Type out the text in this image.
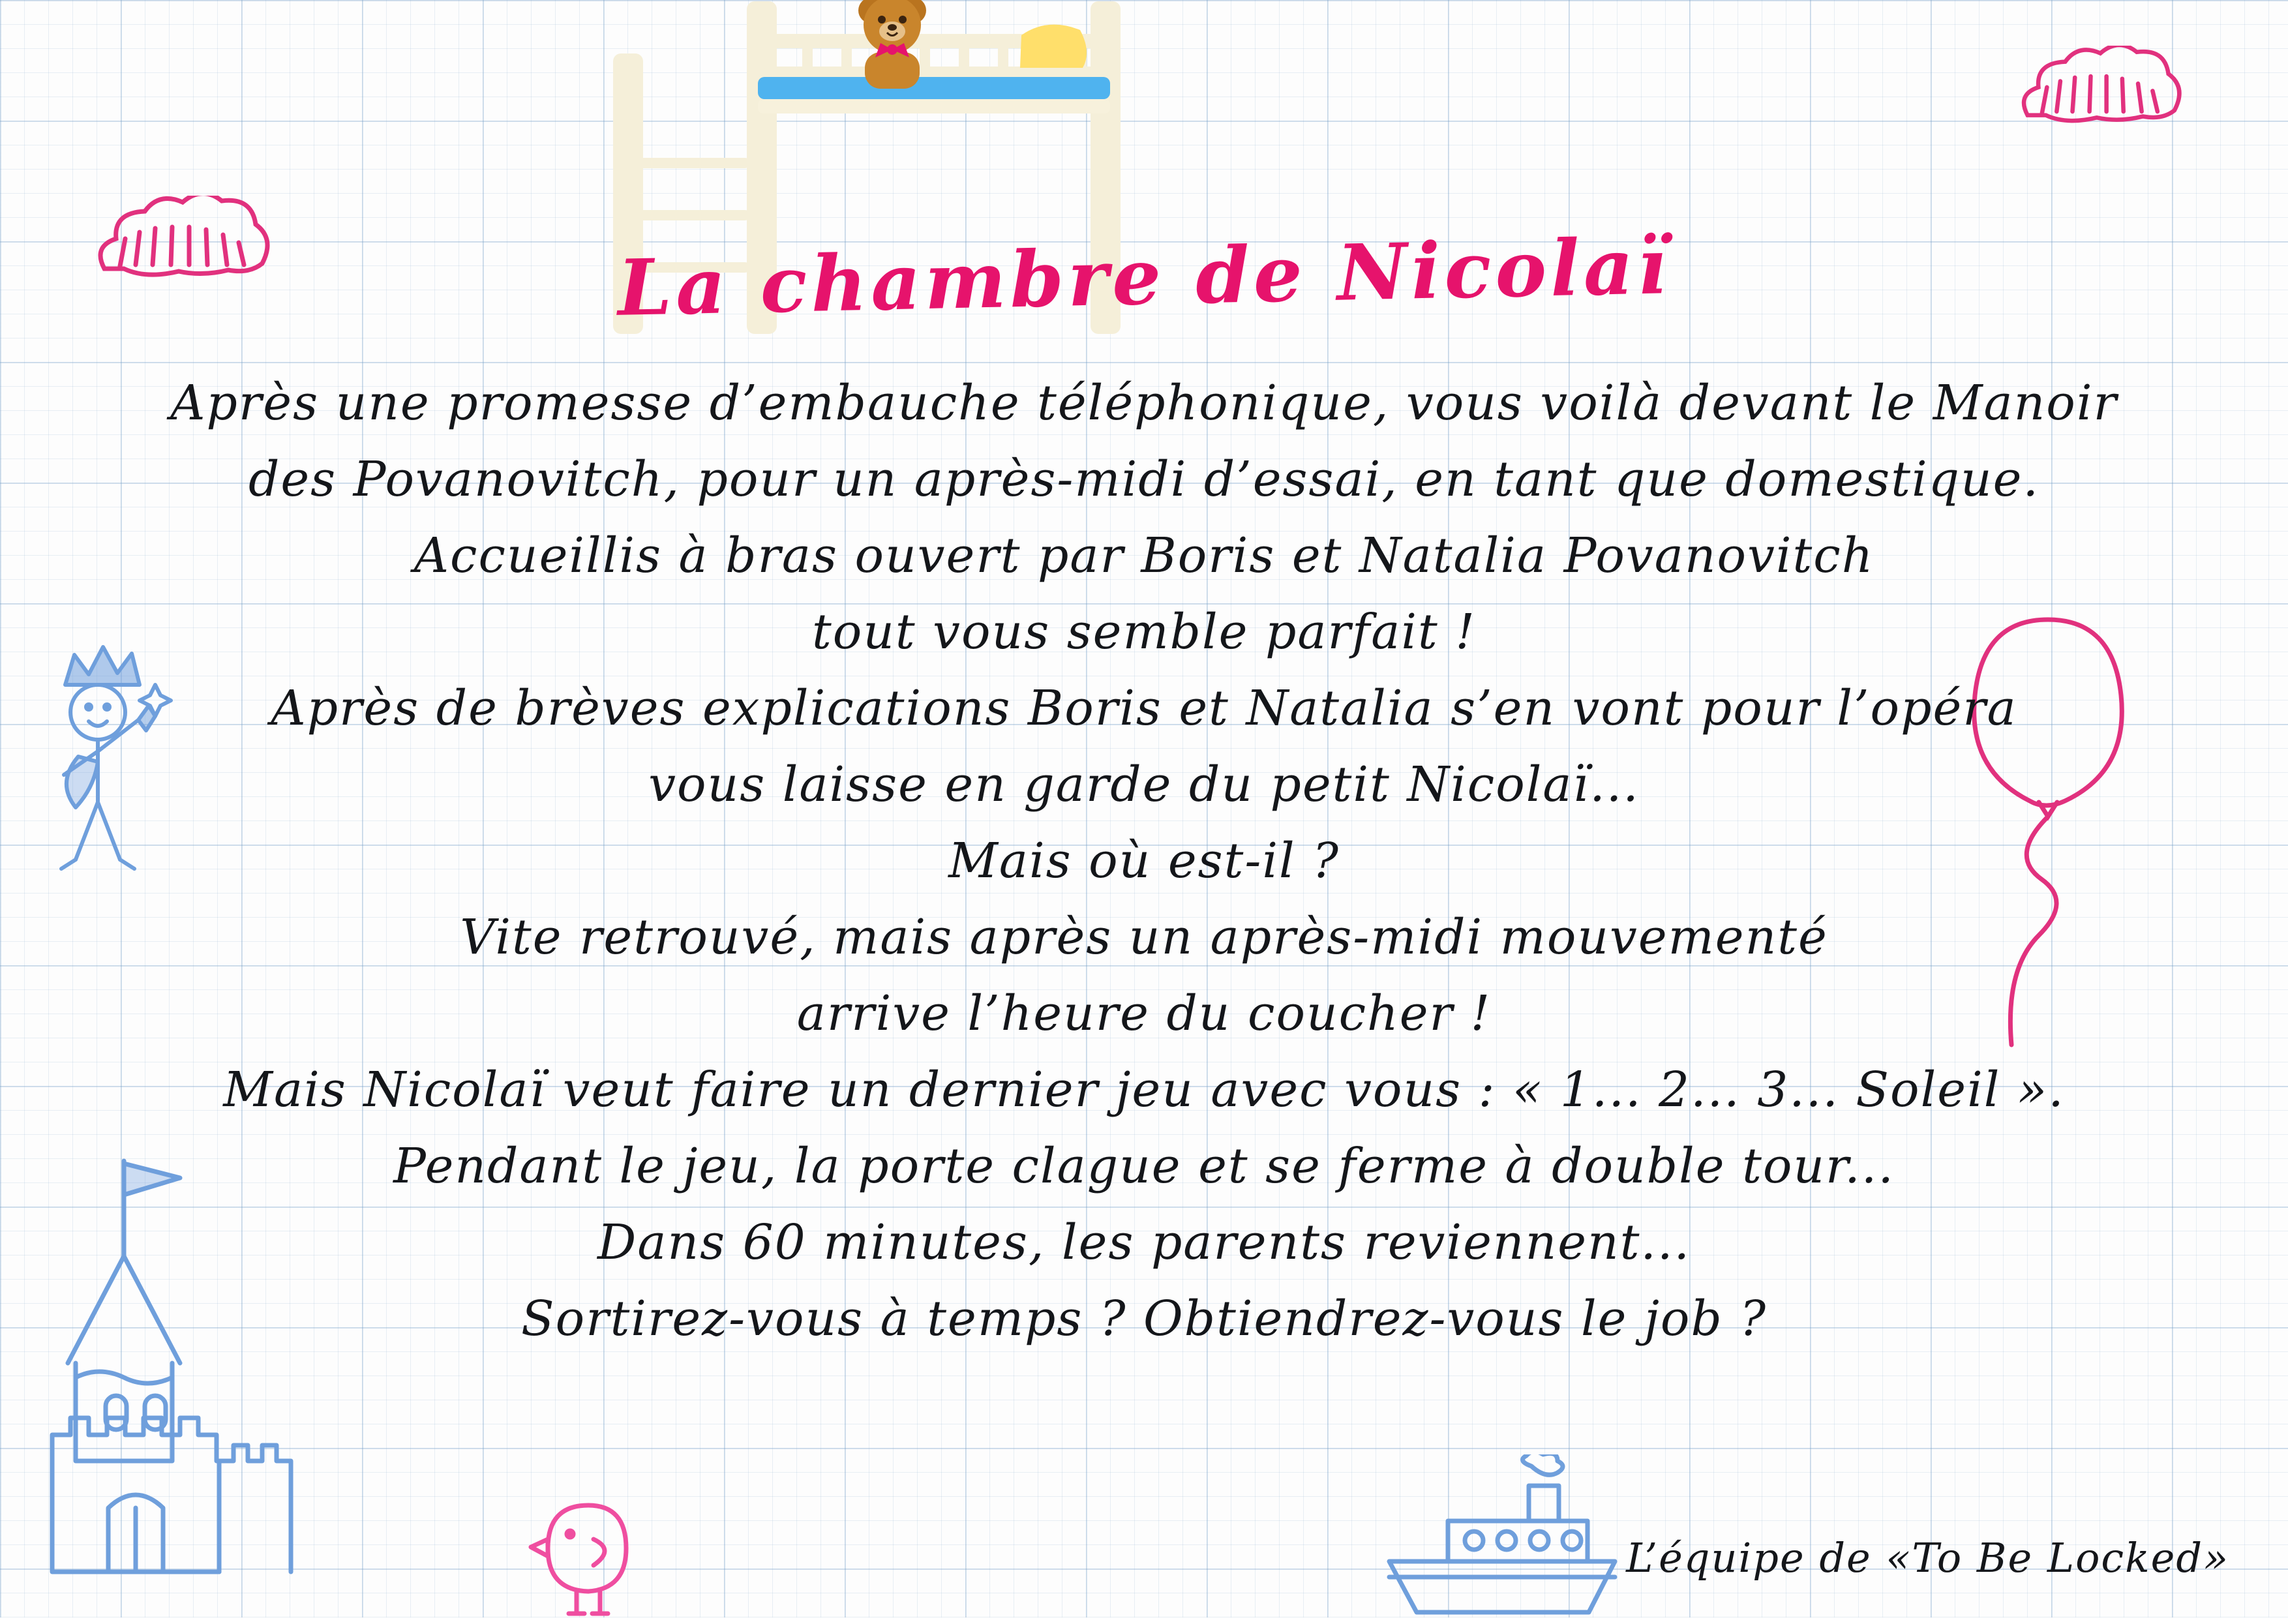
La chambre de Nicolaï
Après une promesse d’embauche téléphonique, vous voilà devant le Manoir
des Povanovitch, pour un après-midi d’essai, en tant que domestique.
Accueillis à bras ouvert par Boris et Natalia Povanovitch
tout vous semble parfait !
Après de brèves explications Boris et Natalia s’en vont pour l’opéra
vous laisse en garde du petit Nicolaï...
Mais où est-il ?
Vite retrouvé, mais après un après-midi mouvementé
arrive l’heure du coucher !
Mais Nicolaï veut faire un dernier jeu avec vous : « 1... 2... 3... Soleil ».
Pendant le jeu, la porte clague et se ferme à double tour...
Dans 60 minutes, les parents reviennent...
Sortirez-vous à temps ? Obtiendrez-vous le job ?
L’équipe de «To Be Locked»
